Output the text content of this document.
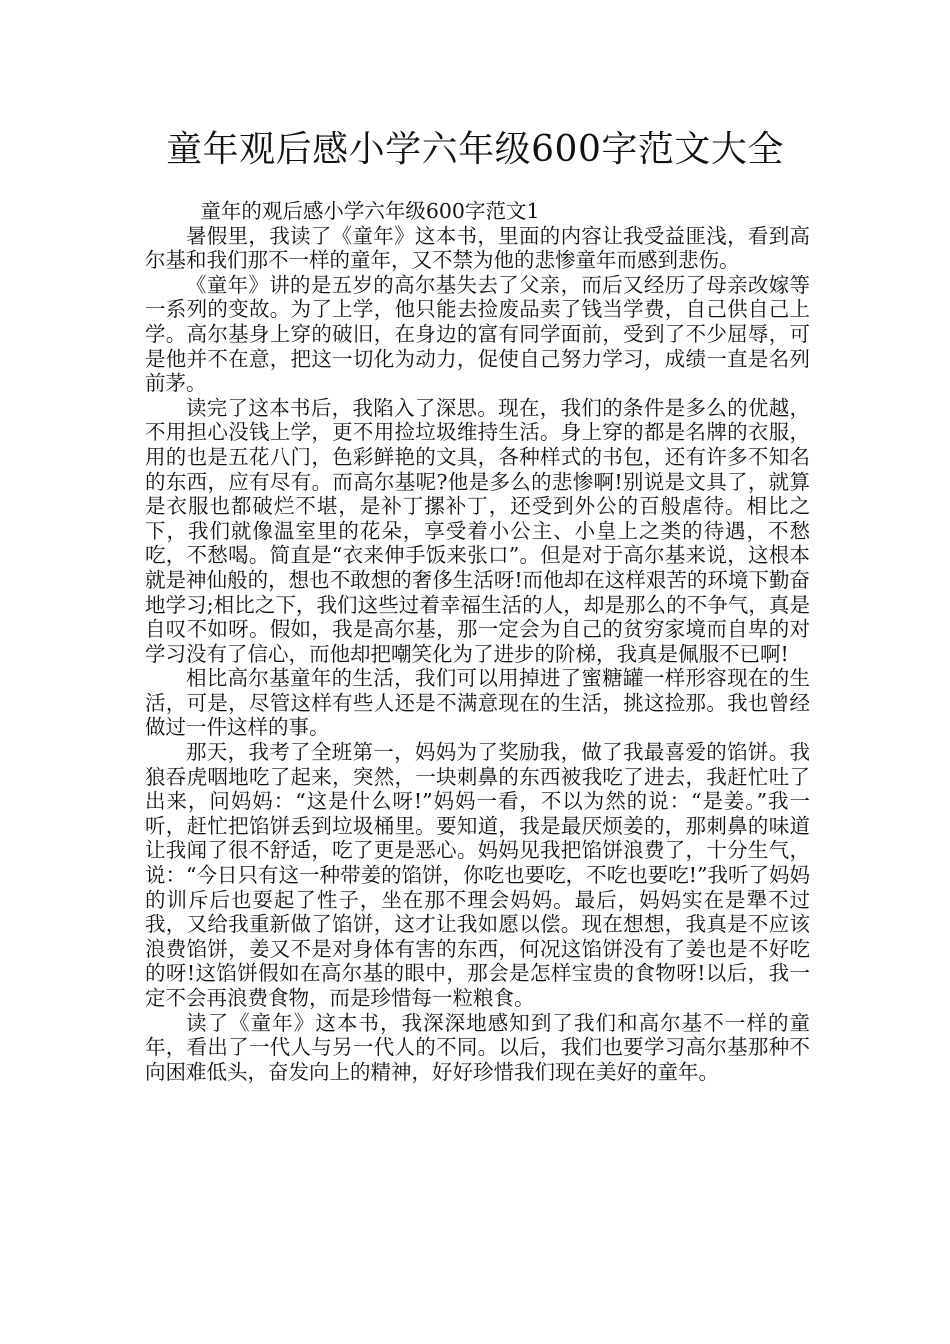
童年观后感小学六年级600字范文大全

童年的观后感小学六年级600字范文1

暑假里，我读了《童年》这本书，里面的内容让我受益匪浅，看到高尔基和我们那不一样的童年，又不禁为他的悲惨童年而感到悲伤。

《童年》讲的是五岁的高尔基失去了父亲，而后又经历了母亲改嫁等一系列的变故。为了上学，他只能去捡废品卖了钱当学费，自己供自己上学。高尔基身上穿的破旧，在身边的富有同学面前，受到了不少屈辱，可是他并不在意，把这一切化为动力，促使自己努力学习，成绩一直是名列前茅。

读完了这本书后，我陷入了深思。现在，我们的条件是多么的优越，不用担心没钱上学，更不用捡垃圾维持生活。身上穿的都是名牌的衣服，用的也是五花八门，色彩鲜艳的文具，各种样式的书包，还有许多不知名的东西，应有尽有。而高尔基呢?他是多么的悲惨啊!别说是文具了，就算是衣服也都破烂不堪，是补丁摞补丁，还受到外公的百般虐待。相比之下，我们就像温室里的花朵，享受着小公主、小皇上之类的待遇，不愁吃，不愁喝。简直是“衣来伸手饭来张口”。但是对于高尔基来说，这根本就是神仙般的，想也不敢想的奢侈生活呀!而他却在这样艰苦的环境下勤奋地学习;相比之下，我们这些过着幸福生活的人，却是那么的不争气，真是自叹不如呀。假如，我是高尔基，那一定会为自己的贫穷家境而自卑的对学习没有了信心，而他却把嘲笑化为了进步的阶梯，我真是佩服不已啊!

相比高尔基童年的生活，我们可以用掉进了蜜糖罐一样形容现在的生活，可是，尽管这样有些人还是不满意现在的生活，挑这捡那。我也曾经做过一件这样的事。

那天，我考了全班第一，妈妈为了奖励我，做了我最喜爱的馅饼。我狼吞虎咽地吃了起来，突然，一块刺鼻的东西被我吃了进去，我赶忙吐了出来，问妈妈：“这是什么呀!”妈妈一看，不以为然的说：“是姜。”我一听，赶忙把馅饼丢到垃圾桶里。要知道，我是最厌烦姜的，那刺鼻的味道让我闻了很不舒适，吃了更是恶心。妈妈见我把馅饼浪费了，十分生气，说：“今日只有这一种带姜的馅饼，你吃也要吃，不吃也要吃!”我听了妈妈的训斥后也耍起了性子，坐在那不理会妈妈。最后，妈妈实在是犟不过我，又给我重新做了馅饼，这才让我如愿以偿。现在想想，我真是不应该浪费馅饼，姜又不是对身体有害的东西，何况这馅饼没有了姜也是不好吃的呀!这馅饼假如在高尔基的眼中，那会是怎样宝贵的食物呀!以后，我一定不会再浪费食物，而是珍惜每一粒粮食。

读了《童年》这本书，我深深地感知到了我们和高尔基不一样的童年，看出了一代人与另一代人的不同。以后，我们也要学习高尔基那种不向困难低头，奋发向上的精神，好好珍惜我们现在美好的童年。
